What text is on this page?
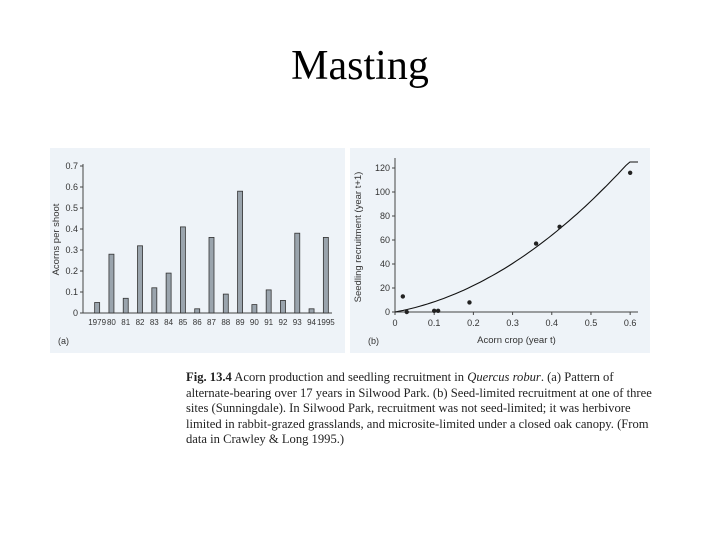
Masting
0
0.1
0.2
0.3
0.4
0.5
0.6
0.7
Acorns per shoot
1979 80 81 82 83 84 85 86 87 88 89 90 91 92 93 94 1995
(a)
0
20
40
60
80
100
120
0	0.1	0.2	0.3	0.4	0.5	0.6
Seedling recruitment (year t+1)
Acorn crop (year t)
(b)
Fig. 13.4 Acorn production and seedling recruitment in Quercus robur. (a) Pattern of alternate-bearing over 17 years in Silwood Park. (b) Seed-limited recruitment at one of three sites (Sunningdale). In Silwood Park, recruitment was not seed-limited; it was herbivore limited in rabbit-grazed grasslands, and microsite-limited under a closed oak canopy. (From data in Crawley & Long 1995.)
